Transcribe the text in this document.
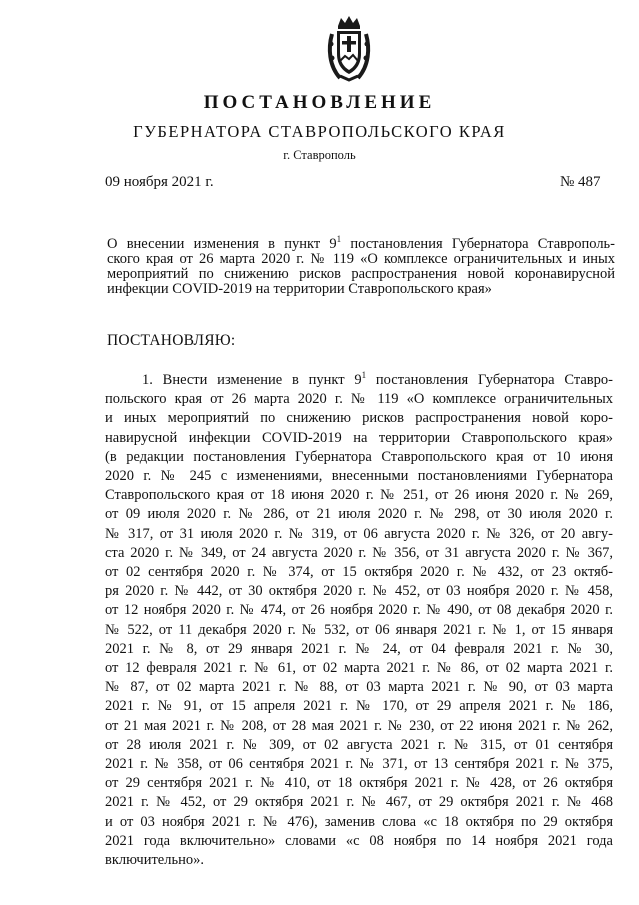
ПОСТАНОВЛЕНИЕ
ГУБЕРНАТОРА СТАВРОПОЛЬСКОГО КРАЯ
г. Ставрополь
09 ноября 2021 г.	№ 487
О внесении изменения в пункт $9^1$ постановления Губернатора Ставрополь-
ского края от 26 марта 2020 г. № 119 «О комплексе ограничительных и иных
мероприятий по снижению рисков распространения новой коронавирусной
инфекции COVID-2019 на территории Ставропольского края»
ПОСТАНОВЛЯЮ:
1. Внести изменение в пункт $9^1$ постановления Губернатора Ставро-
польского края от 26 марта 2020 г. № 119 «О комплексе ограничительных
и иных мероприятий по снижению рисков распространения новой коро-
навирусной инфекции COVID-2019 на территории Ставропольского края»
(в редакции постановления Губернатора Ставропольского края от 10 июня
2020 г. № 245 с изменениями, внесенными постановлениями Губернатора
Ставропольского края от 18 июня 2020 г. № 251, от 26 июня 2020 г. № 269,
от 09 июля 2020 г. № 286, от 21 июля 2020 г. № 298, от 30 июля 2020 г.
№ 317, от 31 июля 2020 г. № 319, от 06 августа 2020 г. № 326, от 20 авгу-
ста 2020 г. № 349, от 24 августа 2020 г. № 356, от 31 августа 2020 г. № 367,
от 02 сентября 2020 г. № 374, от 15 октября 2020 г. № 432, от 23 октяб-
ря 2020 г. № 442, от 30 октября 2020 г. № 452, от 03 ноября 2020 г. № 458,
от 12 ноября 2020 г. № 474, от 26 ноября 2020 г. № 490, от 08 декабря 2020 г.
№ 522, от 11 декабря 2020 г. № 532, от 06 января 2021 г. № 1, от 15 января
2021 г. № 8, от 29 января 2021 г. № 24, от 04 февраля 2021 г. № 30,
от 12 февраля 2021 г. № 61, от 02 марта 2021 г. № 86, от 02 марта 2021 г.
№ 87, от 02 марта 2021 г. № 88, от 03 марта 2021 г. № 90, от 03 марта
2021 г. № 91, от 15 апреля 2021 г. № 170, от 29 апреля 2021 г. № 186,
от 21 мая 2021 г. № 208, от 28 мая 2021 г. № 230, от 22 июня 2021 г. № 262,
от 28 июля 2021 г. № 309, от 02 августа 2021 г. № 315, от 01 сентября
2021 г. № 358, от 06 сентября 2021 г. № 371, от 13 сентября 2021 г. № 375,
от 29 сентября 2021 г. № 410, от 18 октября 2021 г. № 428, от 26 октября
2021 г. № 452, от 29 октября 2021 г. № 467, от 29 октября 2021 г. № 468
и от 03 ноября 2021 г. № 476), заменив слова «с 18 октября по 29 октября
2021 года включительно» словами «с 08 ноября по 14 ноября 2021 года
включительно».
